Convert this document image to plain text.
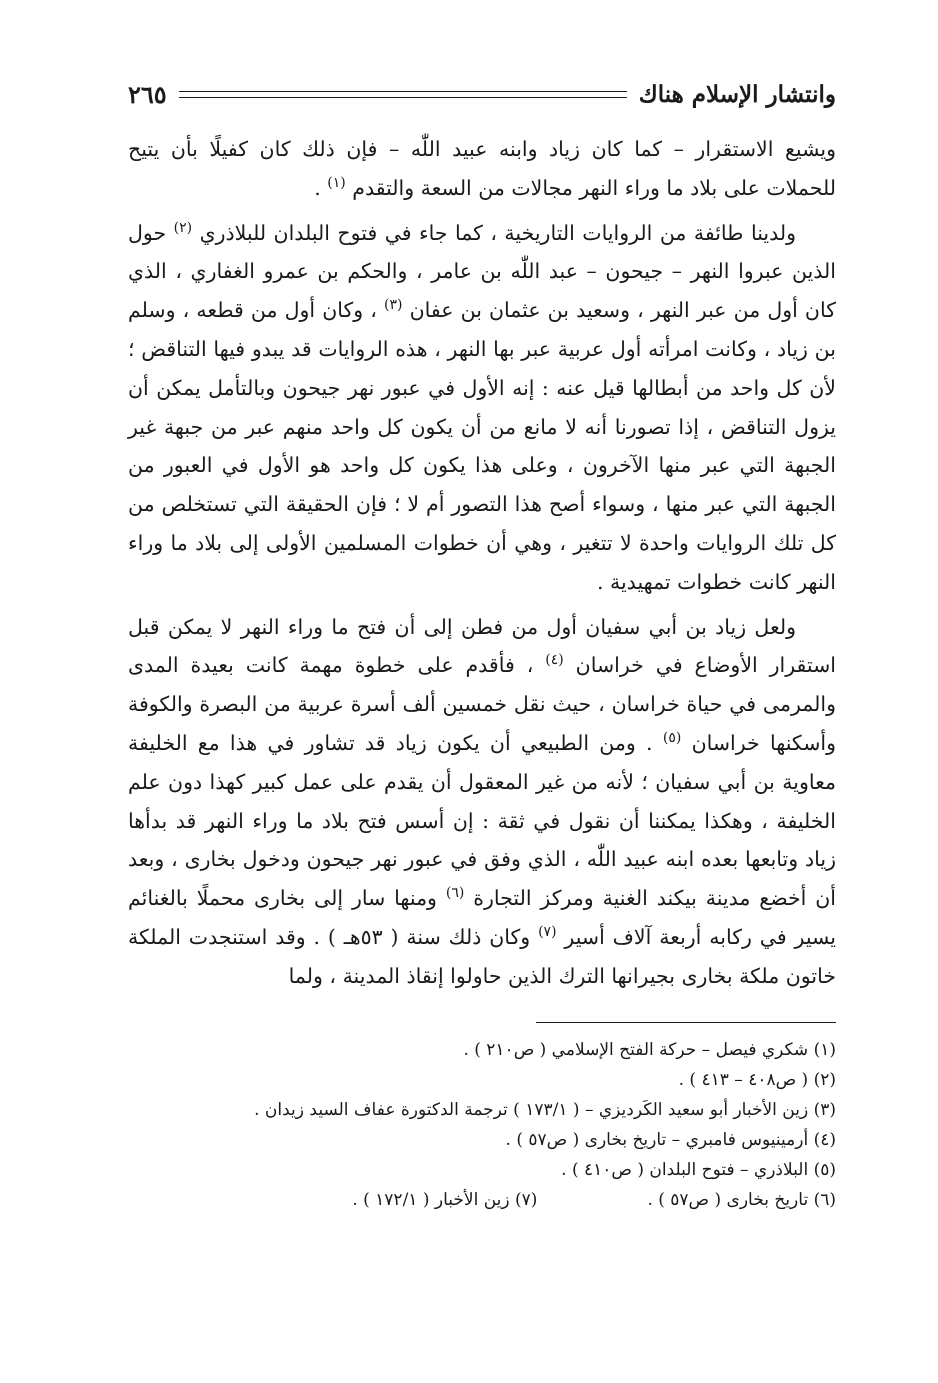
وانتشار الإسلام هناك
٢٦٥

ويشيع الاستقرار – كما كان زياد وابنه عبيد اللّٰه – فإن ذلك كان كفيلًا بأن يتيح للحملات على بلاد ما وراء النهر مجالات من السعة والتقدم $^{(١)}$ .

ولدينا طائفة من الروايات التاريخية ، كما جاء في فتوح البلدان للبلاذري $^{(٢)}$ حول الذين عبروا النهر – جيحون – عبد اللّٰه بن عامر ، والحكم بن عمرو الغفاري ، الذي كان أول من عبر النهر ، وسعيد بن عثمان بن عفان $^{(٣)}$ ، وكان أول من قطعه ، وسلم بن زياد ، وكانت امرأته أول عربية عبر بها النهر ، هذه الروايات قد يبدو فيها التناقض ؛ لأن كل واحد من أبطالها قيل عنه : إنه الأول في عبور نهر جيحون وبالتأمل يمكن أن يزول التناقض ، إذا تصورنا أنه لا مانع من أن يكون كل واحد منهم عبر من جبهة غير الجبهة التي عبر منها الآخرون ، وعلى هذا يكون كل واحد هو الأول في العبور من الجبهة التي عبر منها ، وسواء أصح هذا التصور أم لا ؛ فإن الحقيقة التي تستخلص من كل تلك الروايات واحدة لا تتغير ، وهي أن خطوات المسلمين الأولى إلى بلاد ما وراء النهر كانت خطوات تمهيدية .

ولعل زياد بن أبي سفيان أول من فطن إلى أن فتح ما وراء النهر لا يمكن قبل استقرار الأوضاع في خراسان $^{(٤)}$ ، فأقدم على خطوة مهمة كانت بعيدة المدى والمرمى في حياة خراسان ، حيث نقل خمسين ألف أسرة عربية من البصرة والكوفة وأسكنها خراسان $^{(٥)}$ . ومن الطبيعي أن يكون زياد قد تشاور في هذا مع الخليفة معاوية بن أبي سفيان ؛ لأنه من غير المعقول أن يقدم على عمل كبير كهذا دون علم الخليفة ، وهكذا يمكننا أن نقول في ثقة : إن أسس فتح بلاد ما وراء النهر قد بدأها زياد وتابعها بعده ابنه عبيد اللّٰه ، الذي وفق في عبور نهر جيحون ودخول بخارى ، وبعد أن أخضع مدينة بيكند الغنية ومركز التجارة $^{(٦)}$ ومنها سار إلى بخارى محملًا بالغنائم يسير في ركابه أربعة آلاف أسير $^{(٧)}$ وكان ذلك سنة ( ٥٣هـ ) . وقد استنجدت الملكة خاتون ملكة بخارى بجيرانها الترك الذين حاولوا إنقاذ المدينة ، ولما

(١) شكري فيصل – حركة الفتح الإسلامي ( ص٢١٠ ) .
(٢) ( ص٤٠٨ – ٤١٣ ) .
(٣) زين الأخبار أبو سعيد الكَرديزي – ( ١٧٣/١ ) ترجمة الدكتورة عفاف السيد زيدان .
(٤) أرمينيوس فامبري – تاريخ بخارى ( ص٥٧ ) .
(٥) البلاذري – فتوح البلدان ( ص٤١٠ ) .
(٦) تاريخ بخارى ( ص٥٧ ) .
(٧) زين الأخبار ( ١٧٢/١ ) .
